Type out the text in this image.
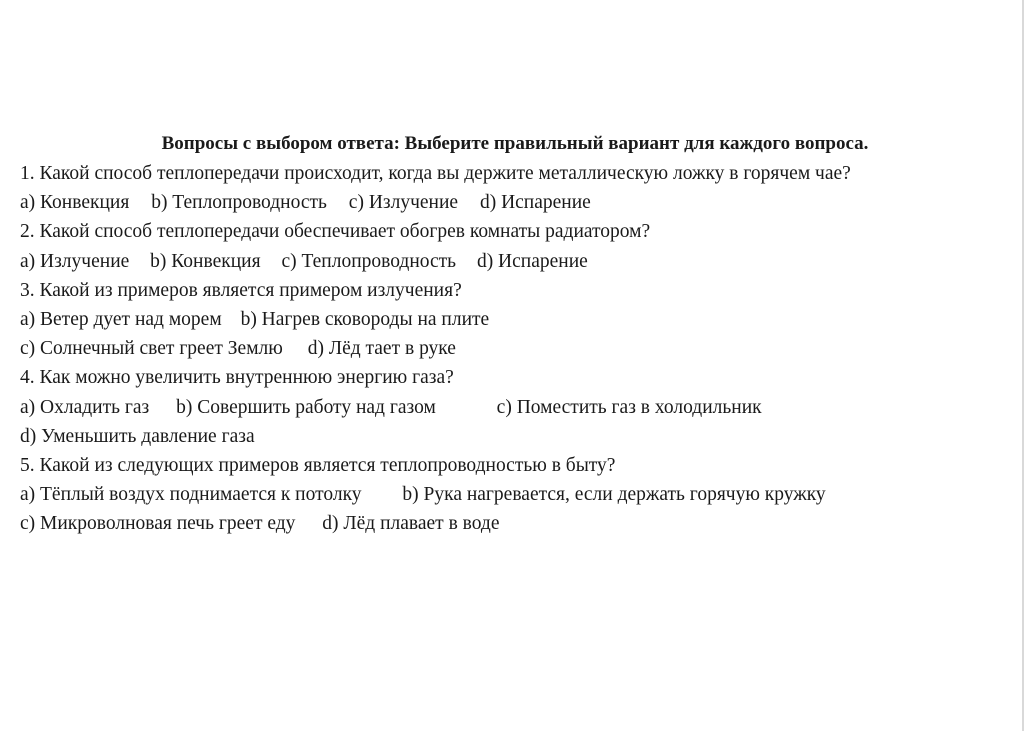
Вопросы с выбором ответа: Выберите правильный вариант для каждого вопроса.
1. Какой способ теплопередачи происходит, когда вы держите металлическую ложку в горячем чае?
a) Конвекция b) Теплопроводность c) Излучение d) Испарение
2. Какой способ теплопередачи обеспечивает обогрев комнаты радиатором?
a) Излучение b) Конвекция c) Теплопроводность d) Испарение
3. Какой из примеров является примером излучения?
a) Ветер дует над морем b) Нагрев сковороды на плите
c) Солнечный свет греет Землю d) Лёд тает в руке
4. Как можно увеличить внутреннюю энергию газа?
a) Охладить газ b) Совершить работу над газом	c) Поместить газ в холодильник
d) Уменьшить давление газа
5. Какой из следующих примеров является теплопроводностью в быту?
a) Тёплый воздух поднимается к потолку b) Рука нагревается, если держать горячую кружку
c) Микроволновая печь греет еду d) Лёд плавает в воде
